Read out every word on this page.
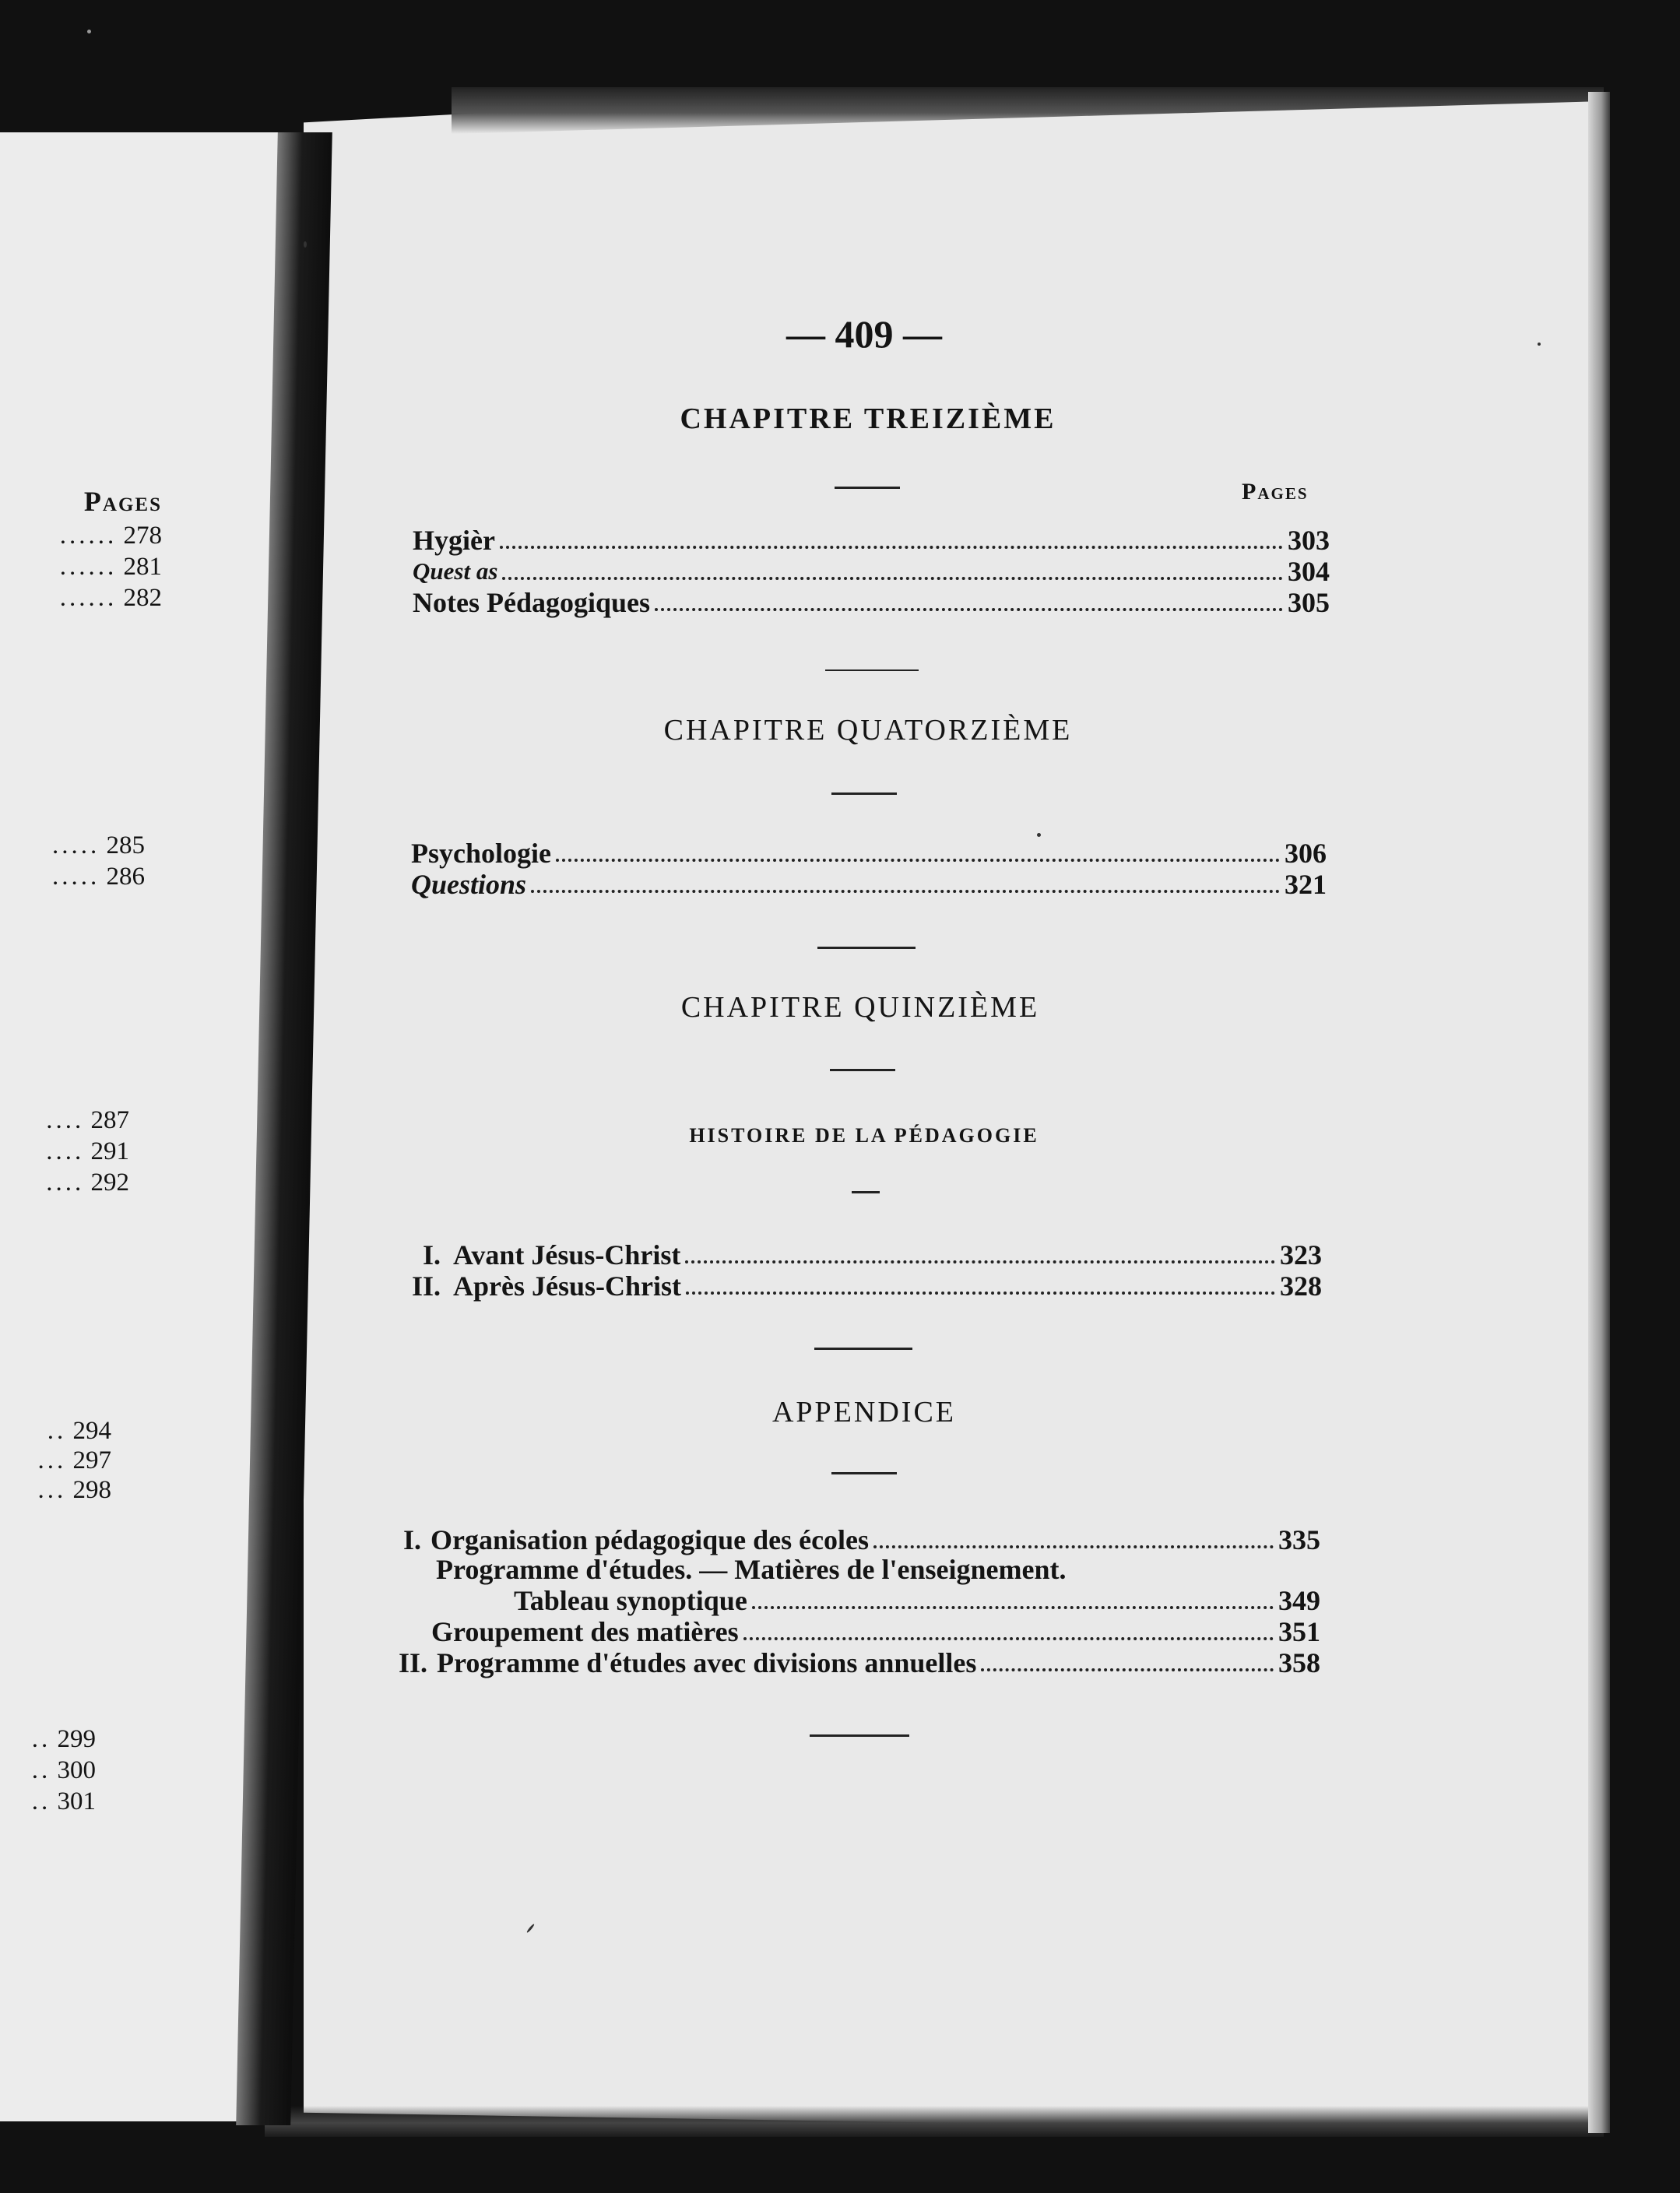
Pages
...... 278
...... 281
...... 282
..... 285
..... 286
.... 287
.... 291
.... 292
.. 294
... 297
... 298
.. 299
.. 300
.. 301
— 409 —
CHAPITRE TREIZIÈME
Pages
Hygièr	303
Quest as	304
Notes Pédagogiques	305
CHAPITRE QUATORZIÈME
Psychologie	306
Questions	321
CHAPITRE QUINZIÈME
HISTOIRE DE LA PÉDAGOGIE
I. Avant Jésus-Christ	323
II. Après Jésus-Christ	328
APPENDICE
I. Organisation pédagogique des écoles	335
Programme d'études. — Matières de l'enseignement.
Tableau synoptique	349
Groupement des matières	351
II. Programme d'études avec divisions annuelles	358
